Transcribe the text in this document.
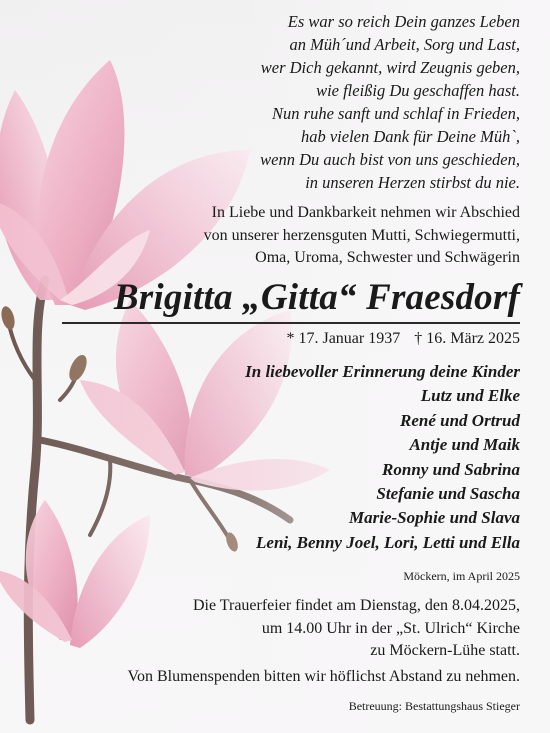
Es war so reich Dein ganzes Leben
an Müh´und Arbeit, Sorg und Last,
wer Dich gekannt, wird Zeugnis geben,
wie fleißig Du geschaffen hast.
Nun ruhe sanft und schlaf in Frieden,
hab vielen Dank für Deine Müh`,
wenn Du auch bist von uns geschieden,
in unseren Herzen stirbst du nie.
In Liebe und Dankbarkeit nehmen wir Abschied
von unserer herzensguten Mutti, Schwiegermutti,
Oma, Uroma, Schwester und Schwägerin
Brigitta „Gitta“ Fraesdorf
* 17. Januar 1937 † 16. März 2025
In liebevoller Erinnerung deine Kinder
Lutz und Elke
René und Ortrud
Antje und Maik
Ronny und Sabrina
Stefanie und Sascha
Marie-Sophie und Slava
Leni, Benny Joel, Lori, Letti und Ella
Möckern, im April 2025
Die Trauerfeier findet am Dienstag, den 8.04.2025,
um 14.00 Uhr in der „St. Ulrich“ Kirche
zu Möckern-Lühe statt.
Von Blumenspenden bitten wir höflichst Abstand zu nehmen.
Betreuung: Bestattungshaus Stieger
